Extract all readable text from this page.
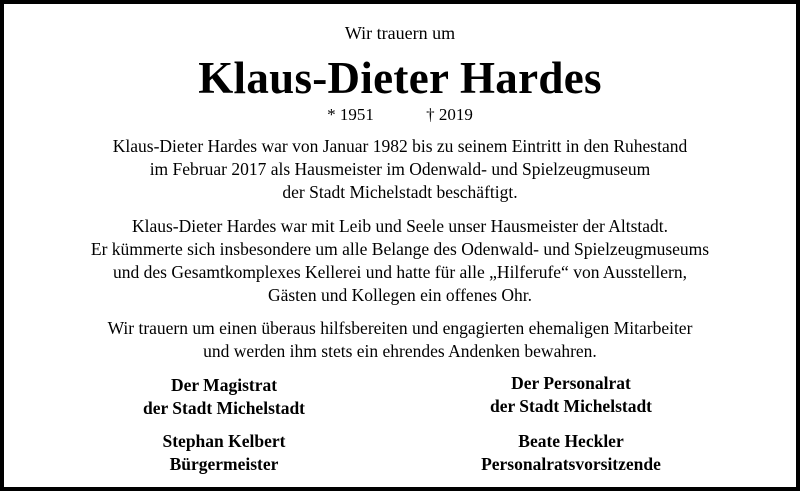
Wir trauern um
Klaus-Dieter Hardes
* 1951	† 2019
Klaus-Dieter Hardes war von Januar 1982 bis zu seinem Eintritt in den Ruhestand
im Februar 2017 als Hausmeister im Odenwald- und Spielzeugmuseum
der Stadt Michelstadt beschäftigt.
Klaus-Dieter Hardes war mit Leib und Seele unser Hausmeister der Altstadt.
Er kümmerte sich insbesondere um alle Belange des Odenwald- und Spielzeugmuseums
und des Gesamtkomplexes Kellerei und hatte für alle „Hilferufe“ von Ausstellern,
Gästen und Kollegen ein offenes Ohr.
Wir trauern um einen überaus hilfsbereiten und engagierten ehemaligen Mitarbeiter
und werden ihm stets ein ehrendes Andenken bewahren.
Der Magistrat
der Stadt Michelstadt
Der Personalrat
der Stadt Michelstadt
Stephan Kelbert
Bürgermeister
Beate Heckler
Personalratsvorsitzende
